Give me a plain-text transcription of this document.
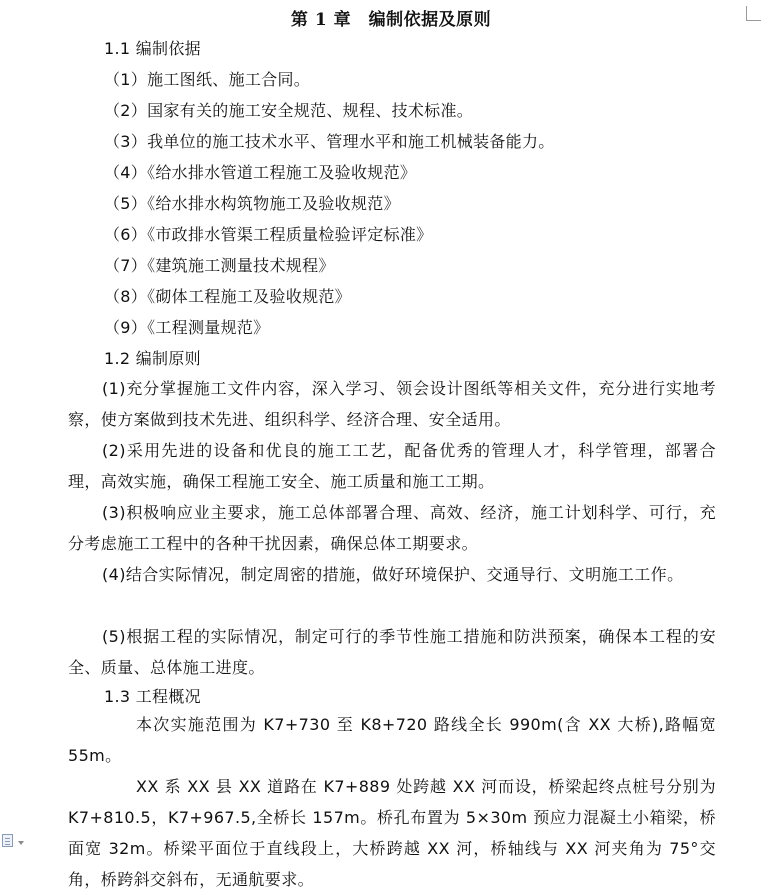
第 1 章　编制依据及原则
1.1 编制依据
（1）施工图纸、施工合同。
（2）国家有关的施工安全规范、规程、技术标准。
（3）我单位的施工技术水平、管理水平和施工机械装备能力。
（4）《给水排水管道工程施工及验收规范》
（5）《给水排水构筑物施工及验收规范》
（6）《市政排水管渠工程质量检验评定标准》
（7）《建筑施工测量技术规程》
（8）《砌体工程施工及验收规范》
（9）《工程测量规范》
1.2 编制原则
(1)充分掌握施工文件内容，深入学习、领会设计图纸等相关文件，充分进行实地考察，使方案做到技术先进、组织科学、经济合理、安全适用。
(2)采用先进的设备和优良的施工工艺，配备优秀的管理人才，科学管理，部署合理，高效实施，确保工程施工安全、施工质量和施工工期。
(3)积极响应业主要求，施工总体部署合理、高效、经济，施工计划科学、可行，充分考虑施工工程中的各种干扰因素，确保总体工期要求。
(4)结合实际情况，制定周密的措施，做好环境保护、交通导行、文明施工工作。
(5)根据工程的实际情况，制定可行的季节性施工措施和防洪预案，确保本工程的安全、质量、总体施工进度。
1.3 工程概况
本次实施范围为 K7+730 至 K8+720 路线全长 990m(含 XX 大桥),路幅宽 55m。
XX 系 XX 县 XX 道路在 K7+889 处跨越 XX 河而设，桥梁起终点桩号分别为 K7+810.5，K7+967.5,全桥长 157m。桥孔布置为 5×30m 预应力混凝土小箱梁，桥面宽 32m。桥梁平面位于直线段上，大桥跨越 XX 河，桥轴线与 XX 河夹角为 75°交角，桥跨斜交斜布，无通航要求。
